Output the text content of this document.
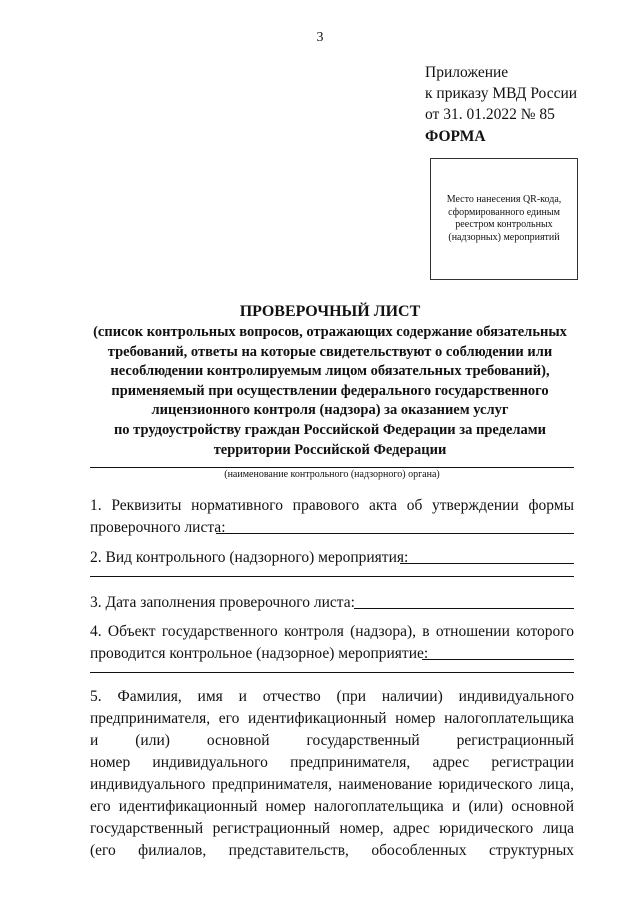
3
Приложение
к приказу МВД России
от 31. 01.2022 № 85
ФОРМА
Место нанесения QR-кода, сформированного единым реестром контрольных (надзорных) мероприятий
ПРОВЕРОЧНЫЙ ЛИСТ
(список контрольных вопросов, отражающих содержание обязательных
требований, ответы на которые свидетельствуют о соблюдении или
несоблюдении контролируемым лицом обязательных требований),
применяемый при осуществлении федерального государственного
лицензионного контроля (надзора) за оказанием услуг
по трудоустройству граждан Российской Федерации за пределами
территории Российской Федерации
(наименование контрольного (надзорного) органа)
1. Реквизиты нормативного правового акта об утверждении формы
проверочного листа:
2. Вид контрольного (надзорного) мероприятия:
3. Дата заполнения проверочного листа:
4. Объект государственного контроля (надзора), в отношении которого
проводится контрольное (надзорное) мероприятие:
5. Фамилия, имя и отчество (при наличии) индивидуального
предпринимателя, его идентификационный номер налогоплательщика
и (или) основной государственный регистрационный
номер индивидуального предпринимателя, адрес регистрации
индивидуального предпринимателя, наименование юридического лица,
его идентификационный номер налогоплательщика и (или) основной
государственный регистрационный номер, адрес юридического лица
(его филиалов, представительств, обособленных структурных
